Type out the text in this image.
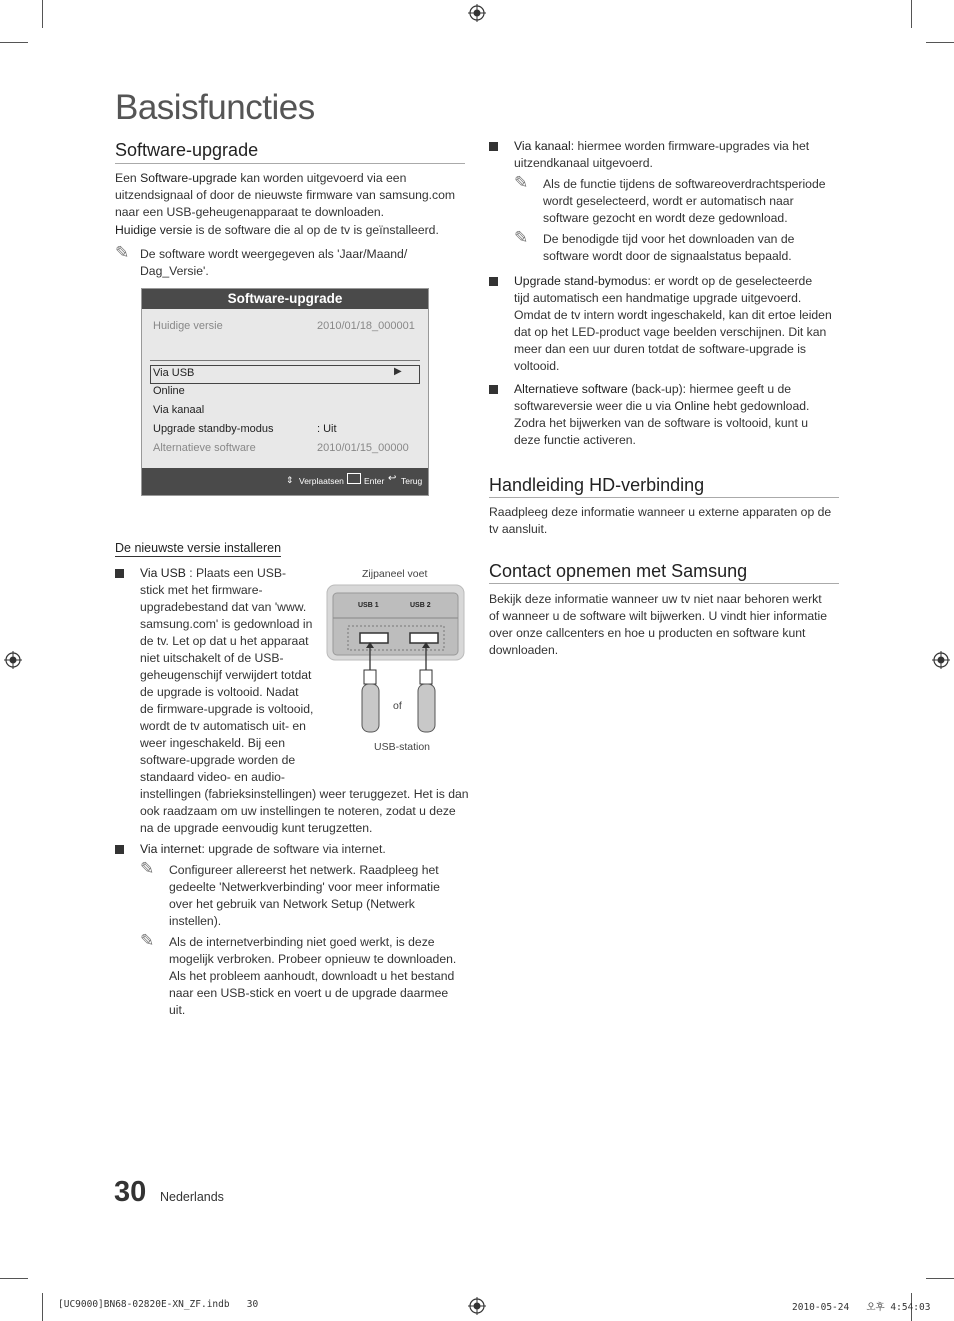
Basisfuncties
Software-upgrade
Een Software-upgrade kan worden uitgevoerd via een
uitzendsignaal of door de nieuwste firmware van samsung.com
naar een USB-geheugenapparaat te downloaden.
Huidige versie is de software die al op de tv is geïnstalleerd.
✎ De software wordt weergegeven als 'Jaar/Maand/
Dag_Versie'.
Software-upgrade
Huidige versie	2010/01/18_000001
Via USB	▶
Online
Via kanaal
Upgrade standby-modus	: Uit
Alternatieve software	2010/01/15_00000
⇕ Verplaatsen Enter ↩ Terug
De nieuwste versie installeren
Via USB : Plaats een USB-
stick met het firmware-
upgradebestand dat van 'www.
samsung.com' is gedownload in
de tv. Let op dat u het apparaat
niet uitschakelt of de USB-
geheugenschijf verwijdert totdat
de upgrade is voltooid. Nadat
de firmware-upgrade is voltooid,
wordt de tv automatisch uit- en
weer ingeschakeld. Bij een
software-upgrade worden de
standaard video- en audio-
instellingen (fabrieksinstellingen) weer teruggezet. Het is dan
ook raadzaam om uw instellingen te noteren, zodat u deze
na de upgrade eenvoudig kunt terugzetten.
Zijpaneel voet
USB 1	USB 2
of
USB-station
Via internet: upgrade de software via internet.
✎ Configureer allereerst het netwerk. Raadpleeg het
gedeelte 'Netwerkverbinding' voor meer informatie
over het gebruik van Network Setup (Netwerk
instellen).
✎ Als de internetverbinding niet goed werkt, is deze
mogelijk verbroken. Probeer opnieuw te downloaden.
Als het probleem aanhoudt, downloadt u het bestand
naar een USB-stick en voert u de upgrade daarmee
uit.
Via kanaal: hiermee worden firmware-upgrades via het
uitzendkanaal uitgevoerd.
✎ Als de functie tijdens de softwareoverdrachtsperiode
wordt geselecteerd, wordt er automatisch naar
software gezocht en wordt deze gedownload.
✎ De benodigde tijd voor het downloaden van de
software wordt door de signaalstatus bepaald.
Upgrade stand-bymodus: er wordt op de geselecteerde
tijd automatisch een handmatige upgrade uitgevoerd.
Omdat de tv intern wordt ingeschakeld, kan dit ertoe leiden
dat op het LED-product vage beelden verschijnen. Dit kan
meer dan een uur duren totdat de software-upgrade is
voltooid.
Alternatieve software (back-up): hiermee geeft u de
softwareversie weer die u via Online hebt gedownload.
Zodra het bijwerken van de software is voltooid, kunt u
deze functie activeren.
Handleiding HD-verbinding
Raadpleeg deze informatie wanneer u externe apparaten op de
tv aansluit.
Contact opnemen met Samsung
Bekijk deze informatie wanneer uw tv niet naar behoren werkt
of wanneer u de software wilt bijwerken. U vindt hier informatie
over onze callcenters en hoe u producten en software kunt
downloaden.
30 Nederlands
[UC9000]BN68-02820E-XN_ZF.indb   30	2010-05-24   오후 4:54:03
